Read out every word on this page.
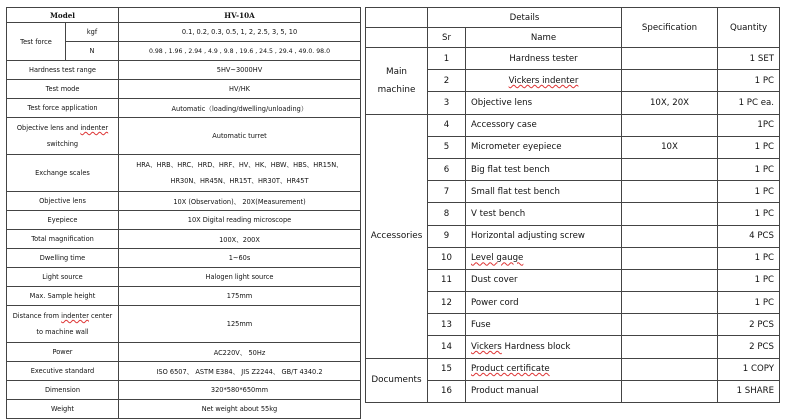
Model		HV-10A
Test force	kgf	0.1, 0.2, 0.3, 0.5, 1, 2, 2.5, 3, 5, 10
	N	0.98 , 1.96 , 2.94 , 4.9 , 9.8 , 19.6 , 24.5 , 29.4 , 49.0. 98.0
Hardness test range		5HV~3000HV
Test mode		HV/HK
Test force application		Automatic（loading/dwelling/unloading）
Objective lens and indenter
switching		Automatic turret
Exchange scales		HRA、HRB、HRC、HRD、HRF、HV、HK、HBW、HBS、HR15N、
HR30N、HR45N、HR15T、HR30T、HR45T
Objective lens		10X (Observation)、 20X(Measurement)
Eyepiece		10X Digital reading microscope
Total magnification		100X、200X
Dwelling time		1~60s
Light source		Halogen light source
Max. Sample height		175mm
Distance from indenter center
to machine wall		125mm
Power		AC220V、 50Hz
Executive standard		ISO 6507、 ASTM E384、 JIS Z2244、 GB/T 4340.2
Dimension		320*580*650mm
Weight		Net weight about 55kg
	Details		Specification	Quantity
	Sr	Name		
Main
machine	1	Hardness tester		1 SET
	2	Vickers indenter		1 PC
	3	Objective lens	10X, 20X	1 PC ea.
Accessories	4	Accessory case		1PC
	5	Micrometer eyepiece	10X	1 PC
	6	Big flat test bench		1 PC
	7	Small flat test bench		1 PC
	8	V test bench		1 PC
	9	Horizontal adjusting screw		4 PCS
	10	Level gauge		1 PC
	11	Dust cover		1 PC
	12	Power cord		1 PC
	13	Fuse		2 PCS
	14	Vickers Hardness block		2 PCS
Documents	15	Product certificate		1 COPY
	16	Product manual		1 SHARE
